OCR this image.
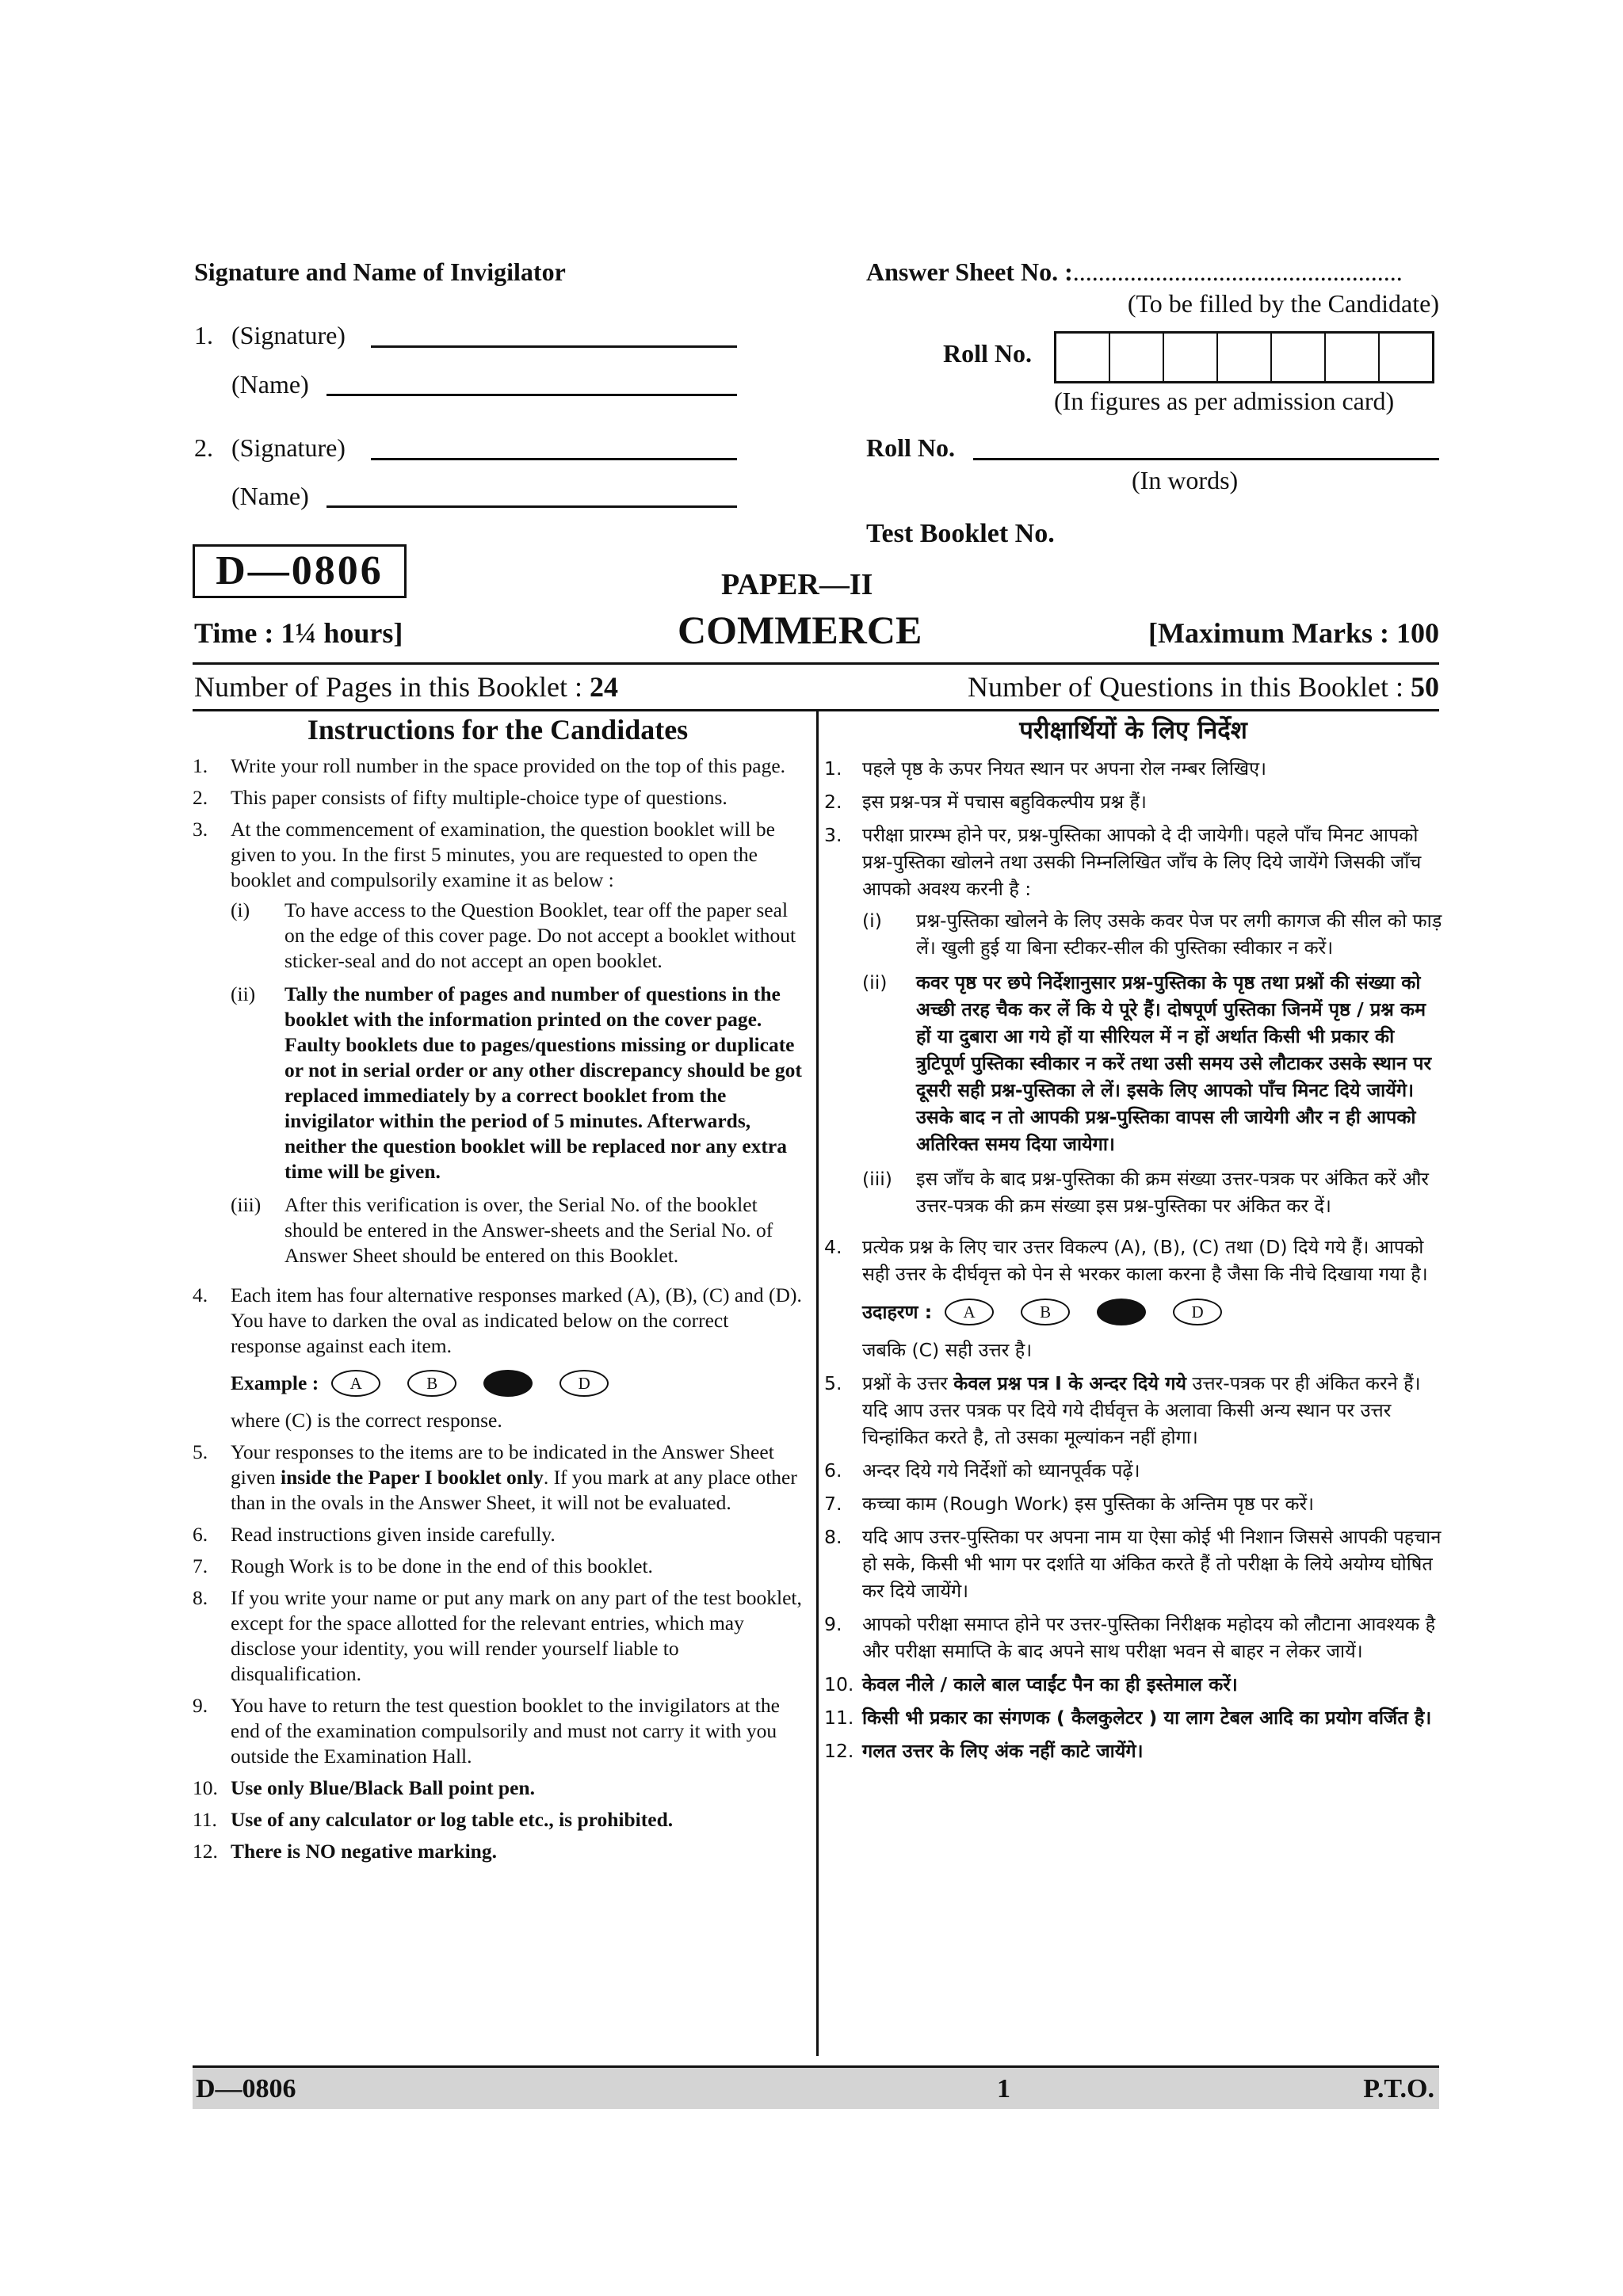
Signature and Name of Invigilator
1. (Signature)
(Name)
2. (Signature)
(Name)
Answer Sheet No. :....................................................
(To be filled by the Candidate)
Roll No.
(In figures as per admission card)
Roll No.
(In words)
Test Booklet No.
D—0806	PAPER—II
COMMERCE
Time : 1¼ hours]	[Maximum Marks : 100
Number of Pages in this Booklet : 24	Number of Questions in this Booklet : 50
Instructions for the Candidates
1.	Write your roll number in the space provided on the top of this page.
2.	This paper consists of fifty multiple-choice type of questions.
3.	At the commencement of examination, the question booklet will be given to you. In the first 5 minutes, you are requested to open the booklet and compulsorily examine it as below :
(i)	To have access to the Question Booklet, tear off the paper seal on the edge of this cover page. Do not accept a booklet without sticker-seal and do not accept an open booklet.
(ii)	Tally the number of pages and number of questions in the booklet with the information printed on the cover page. Faulty booklets due to pages/questions missing or duplicate or not in serial order or any other discrepancy should be got replaced immediately by a correct booklet from the invigilator within the period of 5 minutes. Afterwards, neither the question booklet will be replaced nor any extra time will be given.
(iii)	After this verification is over, the Serial No. of the booklet should be entered in the Answer-sheets and the Serial No. of Answer Sheet should be entered on this Booklet.
4.	Each item has four alternative responses marked (A), (B), (C) and (D). You have to darken the oval as indicated below on the correct response against each item.
Example :	A	B	D
where (C) is the correct response.
5.	Your responses to the items are to be indicated in the Answer Sheet given inside the Paper I booklet only. If you mark at any place other than in the ovals in the Answer Sheet, it will not be evaluated.
6.	Read instructions given inside carefully.
7.	Rough Work is to be done in the end of this booklet.
8.	If you write your name or put any mark on any part of the test booklet, except for the space allotted for the relevant entries, which may disclose your identity, you will render yourself liable to disqualification.
9.	You have to return the test question booklet to the invigilators at the end of the examination compulsorily and must not carry it with you outside the Examination Hall.
10. Use only Blue/Black Ball point pen.
11. Use of any calculator or log table etc., is prohibited.
12. There is NO negative marking.
परीक्षार्थियों के लिए निर्देश
1.	पहले पृष्ठ के ऊपर नियत स्थान पर अपना रोल नम्बर लिखिए।
2.	इस प्रश्न-पत्र में पचास बहुविकल्पीय प्रश्न हैं।
3.	परीक्षा प्रारम्भ होने पर, प्रश्न-पुस्तिका आपको दे दी जायेगी। पहले पाँच मिनट आपको प्रश्न-पुस्तिका खोलने तथा उसकी निम्नलिखित जाँच के लिए दिये जायेंगे जिसकी जाँच आपको अवश्य करनी है :
(i)	प्रश्न-पुस्तिका खोलने के लिए उसके कवर पेज पर लगी कागज की सील को फाड़ लें। खुली हुई या बिना स्टीकर-सील की पुस्तिका स्वीकार न करें।
(ii)	कवर पृष्ठ पर छपे निर्देशानुसार प्रश्न-पुस्तिका के पृष्ठ तथा प्रश्नों की संख्या को अच्छी तरह चैक कर लें कि ये पूरे हैं। दोषपूर्ण पुस्तिका जिनमें पृष्ठ / प्रश्न कम हों या दुबारा आ गये हों या सीरियल में न हों अर्थात किसी भी प्रकार की त्रुटिपूर्ण पुस्तिका स्वीकार न करें तथा उसी समय उसे लौटाकर उसके स्थान पर दूसरी सही प्रश्न-पुस्तिका ले लें। इसके लिए आपको पाँच मिनट दिये जायेंगे। उसके बाद न तो आपकी प्रश्न-पुस्तिका वापस ली जायेगी और न ही आपको अतिरिक्त समय दिया जायेगा।
(iii)	इस जाँच के बाद प्रश्न-पुस्तिका की क्रम संख्या उत्तर-पत्रक पर अंकित करें और उत्तर-पत्रक की क्रम संख्या इस प्रश्न-पुस्तिका पर अंकित कर दें।
4.	प्रत्येक प्रश्न के लिए चार उत्तर विकल्प (A), (B), (C) तथा (D) दिये गये हैं। आपको सही उत्तर के दीर्घवृत्त को पेन से भरकर काला करना है जैसा कि नीचे दिखाया गया है।
उदाहरण :	A	B	D
जबकि (C) सही उत्तर है।
5.	प्रश्नों के उत्तर केवल प्रश्न पत्र I के अन्दर दिये गये उत्तर-पत्रक पर ही अंकित करने हैं। यदि आप उत्तर पत्रक पर दिये गये दीर्घवृत्त के अलावा किसी अन्य स्थान पर उत्तर चिन्हांकित करते है, तो उसका मूल्यांकन नहीं होगा।
6.	अन्दर दिये गये निर्देशों को ध्यानपूर्वक पढ़ें।
7.	कच्चा काम (Rough Work) इस पुस्तिका के अन्तिम पृष्ठ पर करें।
8.	यदि आप उत्तर-पुस्तिका पर अपना नाम या ऐसा कोई भी निशान जिससे आपकी पहचान हो सके, किसी भी भाग पर दर्शाते या अंकित करते हैं तो परीक्षा के लिये अयोग्य घोषित कर दिये जायेंगे।
9.	आपको परीक्षा समाप्त होने पर उत्तर-पुस्तिका निरीक्षक महोदय को लौटाना आवश्यक है और परीक्षा समाप्ति के बाद अपने साथ परीक्षा भवन से बाहर न लेकर जायें।
10. केवल नीले / काले बाल प्वाईंट पैन का ही इस्तेमाल करें।
11. किसी भी प्रकार का संगणक ( कैलकुलेटर ) या लाग टेबल आदि का प्रयोग वर्जित है।
12. गलत उत्तर के लिए अंक नहीं काटे जायेंगे।
D—0806	1	P.T.O.
